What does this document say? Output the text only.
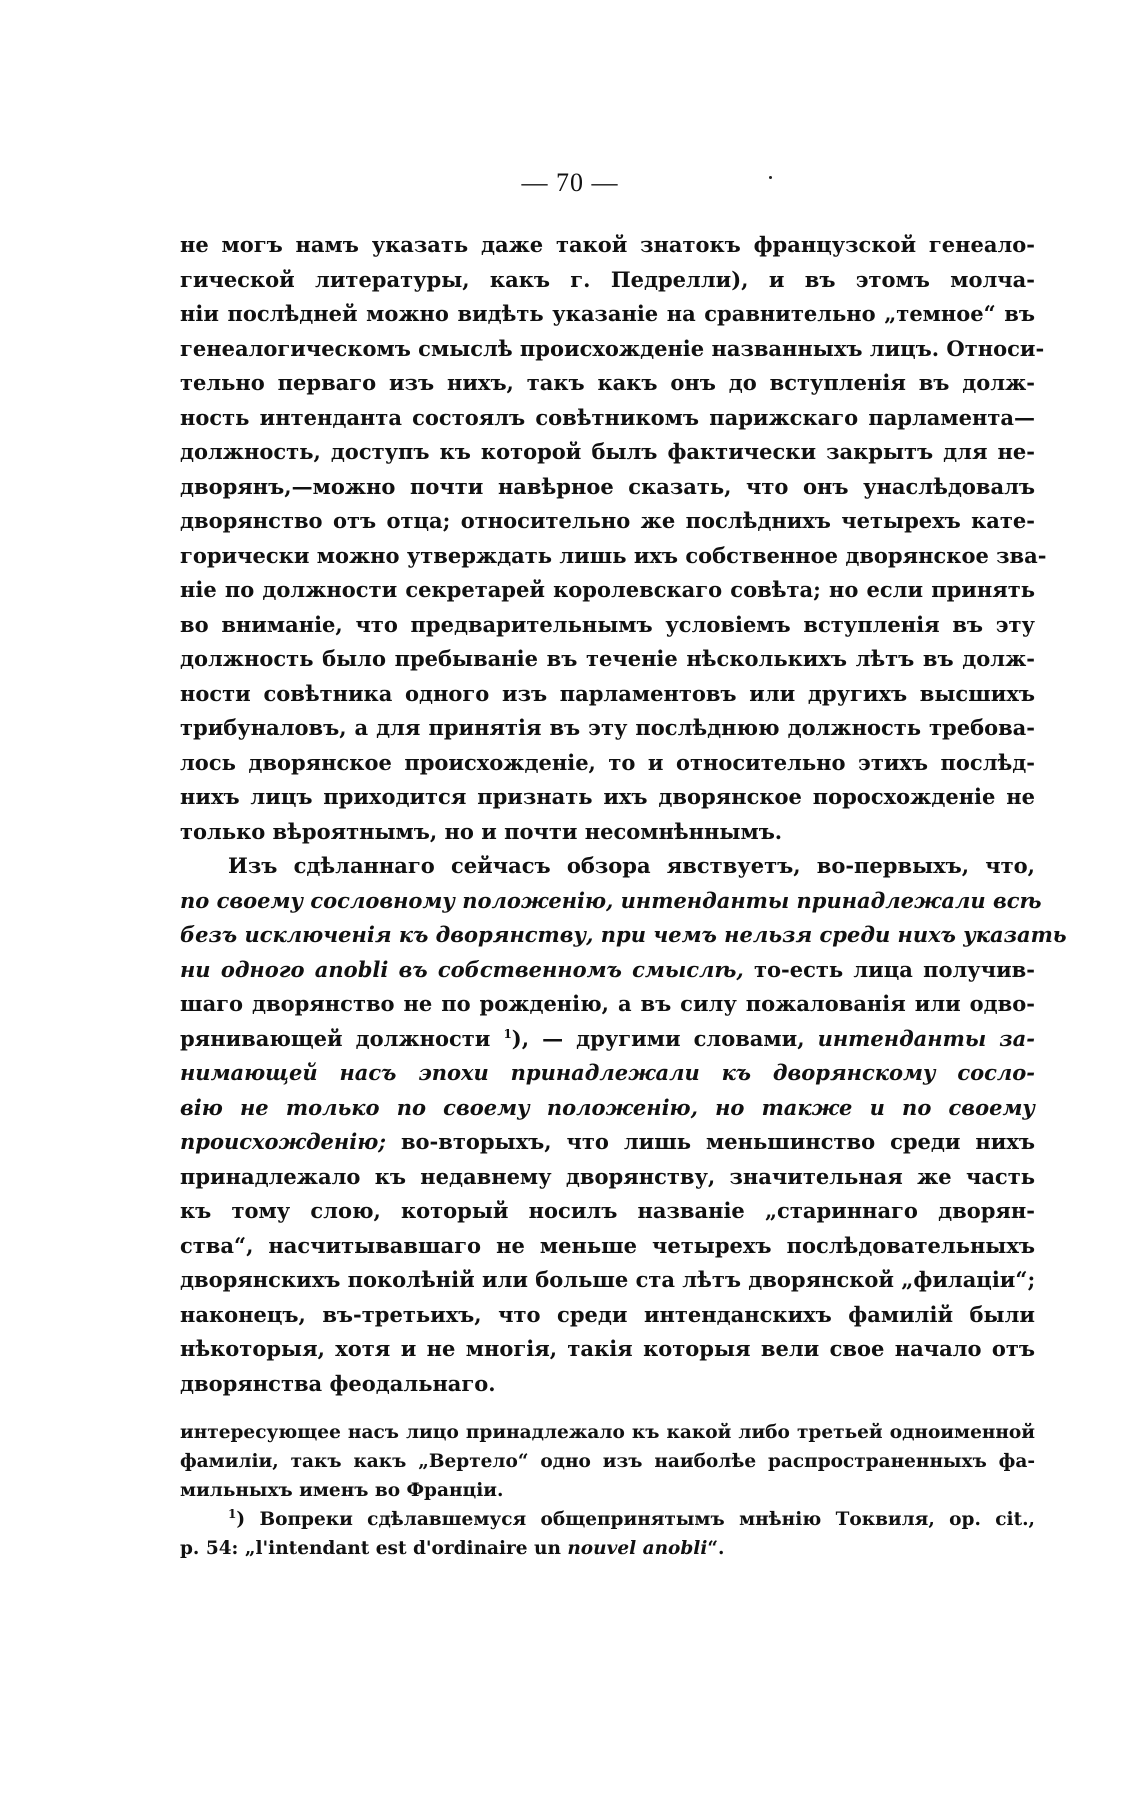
— 70 —
не могъ намъ указать даже такой знатокъ французской генеало-
гической литературы, какъ г. Педрелли), и въ этомъ молча-
ніи послѣдней можно видѣть указаніе на сравнительно „темное“ въ
генеалогическомъ смыслѣ происхожденіе названныхъ лицъ. Относи-
тельно перваго изъ нихъ, такъ какъ онъ до вступленія въ долж-
ность интенданта состоялъ совѣтникомъ парижскаго парламента—
должность, доступъ къ которой былъ фактически закрытъ для не-
дворянъ,—можно почти навѣрное сказать, что онъ унаслѣдовалъ
дворянство отъ отца; относительно же послѣднихъ четырехъ кате-
горически можно утверждать лишь ихъ собственное дворянское зва-
ніе по должности секретарей королевскаго совѣта; но если принять
во вниманіе, что предварительнымъ условіемъ вступленія въ эту
должность было пребываніе въ теченіе нѣсколькихъ лѣтъ въ долж-
ности совѣтника одного изъ парламентовъ или другихъ высшихъ
трибуналовъ, а для принятія въ эту послѣднюю должность требова-
лось дворянское происхожденіе, то и относительно этихъ послѣд-
нихъ лицъ приходится признать ихъ дворянское поросхожденіе не
только вѣроятнымъ, но и почти несомнѣннымъ.
Изъ сдѣланнаго сейчасъ обзора явствуетъ, во-первыхъ, что,
по своему сословному положенію, интенданты принадлежали всѣ
безъ исключенія къ дворянству, при чемъ нельзя среди нихъ указать
ни одного anobli въ собственномъ смыслѣ, то-есть лица получив-
шаго дворянство не по рожденію, а въ силу пожалованія или одво-
рянивающей должности $^1$), — другими словами, интенданты за-
нимающей насъ эпохи принадлежали къ дворянскому сосло-
вію не только по своему положенію, но также и по своему
происхожденію; во-вторыхъ, что лишь меньшинство среди нихъ
принадлежало къ недавнему дворянству, значительная же часть
къ тому слою, который носилъ названіе „стариннаго дворян-
ства“, насчитывавшаго не меньше четырехъ послѣдовательныхъ
дворянскихъ поколѣній или больше ста лѣтъ дворянской „филаціи“;
наконецъ, въ-третьихъ, что среди интенданскихъ фамилій были
нѣкоторыя, хотя и не многія, такія которыя вели свое начало отъ
дворянства феодальнаго.
интересующее насъ лицо принадлежало къ какой либо третьей одноименной
фамиліи, такъ какъ „Вертело“ одно изъ наиболѣе распространенныхъ фа-
мильныхъ именъ во Франціи.
$^1$) Вопреки сдѣлавшемуся общепринятымъ мнѣнію Токвиля, op. cit.,
p. 54: „l'intendant est d'ordinaire un nouvel anobli“.
